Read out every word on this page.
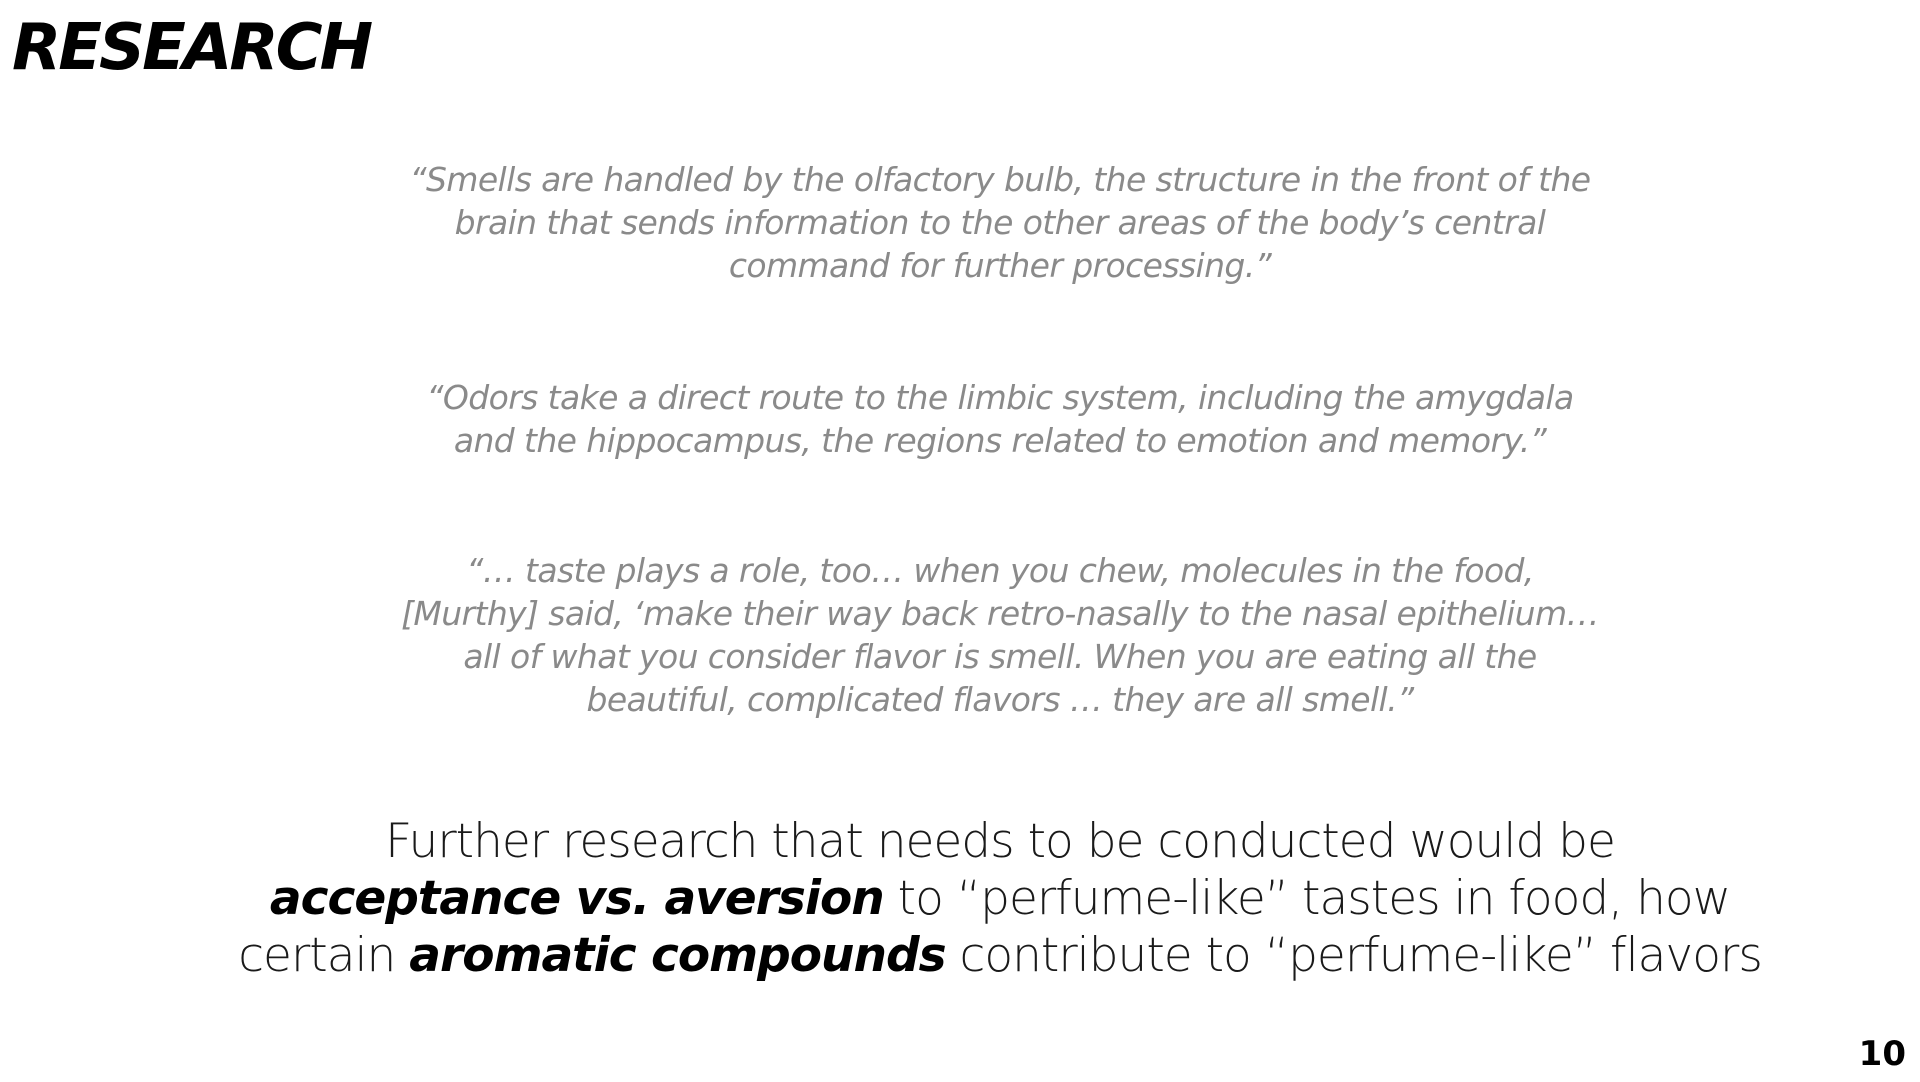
RESEARCH
“Smells are handled by the olfactory bulb, the structure in the front of the
brain that sends information to the other areas of the body’s central
command for further processing.”
“Odors take a direct route to the limbic system, including the amygdala
and the hippocampus, the regions related to emotion and memory.”
“… taste plays a role, too… when you chew, molecules in the food,
[Murthy] said, ‘make their way back retro-nasally to the nasal epithelium…
all of what you consider flavor is smell. When you are eating all the
beautiful, complicated flavors … they are all smell.”
Further research that needs to be conducted would be
acceptance vs. aversion to “perfume-like” tastes in food, how
certain aromatic compounds contribute to “perfume-like” flavors
10
